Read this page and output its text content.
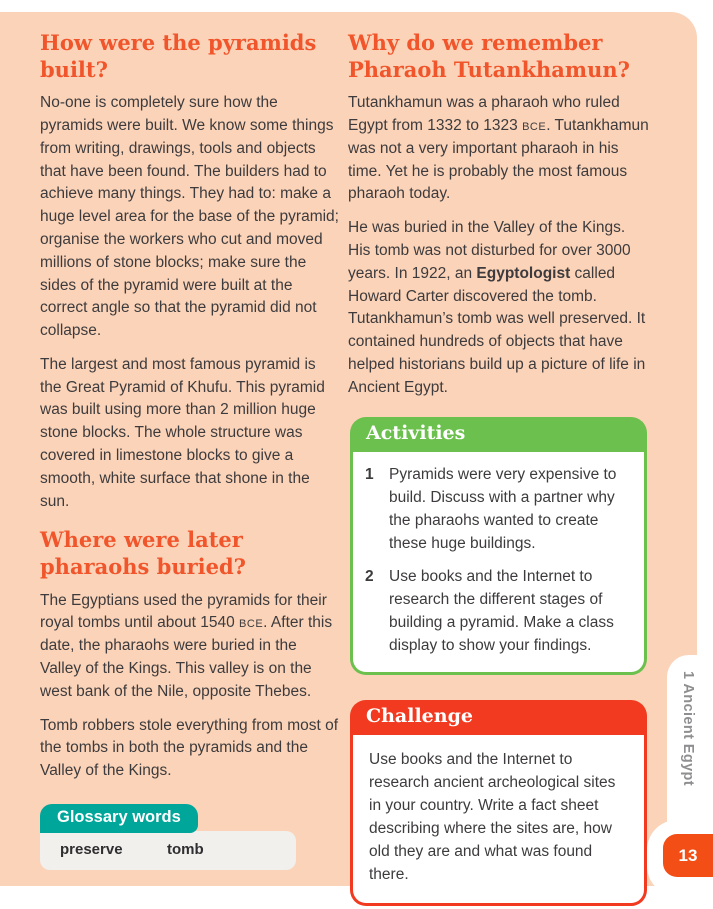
How were the pyramids built?

No-one is completely sure how the pyramids were built. We know some things from writing, drawings, tools and objects that have been found. The builders had to achieve many things. They had to: make a huge level area for the base of the pyramid; organise the workers who cut and moved millions of stone blocks; make sure the sides of the pyramid were built at the correct angle so that the pyramid did not collapse.

The largest and most famous pyramid is the Great Pyramid of Khufu. This pyramid was built using more than 2 million huge stone blocks. The whole structure was covered in limestone blocks to give a smooth, white surface that shone in the sun.

Where were later pharaohs buried?

The Egyptians used the pyramids for their royal tombs until about 1540 BCE. After this date, the pharaohs were buried in the Valley of the Kings. This valley is on the west bank of the Nile, opposite Thebes.

Tomb robbers stole everything from most of the tombs in both the pyramids and the Valley of the Kings.

Why do we remember Pharaoh Tutankhamun?

Tutankhamun was a pharaoh who ruled Egypt from 1332 to 1323 BCE. Tutankhamun was not a very important pharaoh in his time. Yet he is probably the most famous pharaoh today.

He was buried in the Valley of the Kings. His tomb was not disturbed for over 3000 years. In 1922, an Egyptologist called Howard Carter discovered the tomb. Tutankhamun’s tomb was well preserved. It contained hundreds of objects that have helped historians build up a picture of life in Ancient Egypt.

Glossary words
preserve	tomb
Activities
1 Pyramids were very expensive to build. Discuss with a partner why the pharaohs wanted to create these huge buildings.
2 Use books and the Internet to research the different stages of building a pyramid. Make a class display to show your findings.
Challenge
Use books and the Internet to research ancient archeological sites in your country. Write a fact sheet describing where the sites are, how old they are and what was found there.
1 Ancient Egypt
13
